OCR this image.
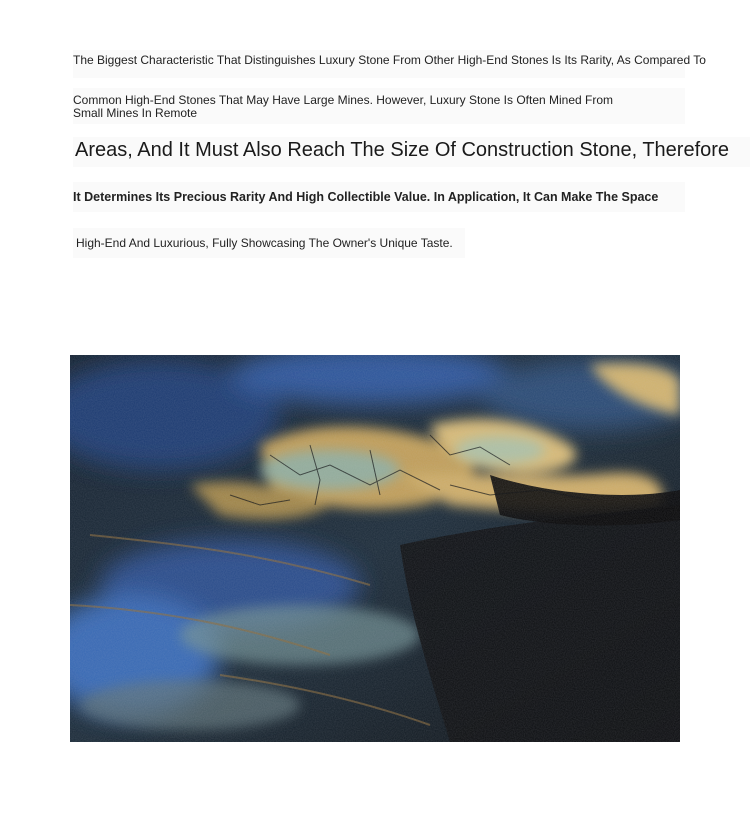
The Biggest Characteristic That Distinguishes Luxury Stone From Other High-End Stones Is Its Rarity, As Compared To
Common High-End Stones That May Have Large Mines. However, Luxury Stone Is Often Mined From
Small Mines In Remote
Areas, And It Must Also Reach The Size Of Construction Stone, Therefore
It Determines Its Precious Rarity And High Collectible Value. In Application, It Can Make The Space
High-End And Luxurious, Fully Showcasing The Owner's Unique Taste.
